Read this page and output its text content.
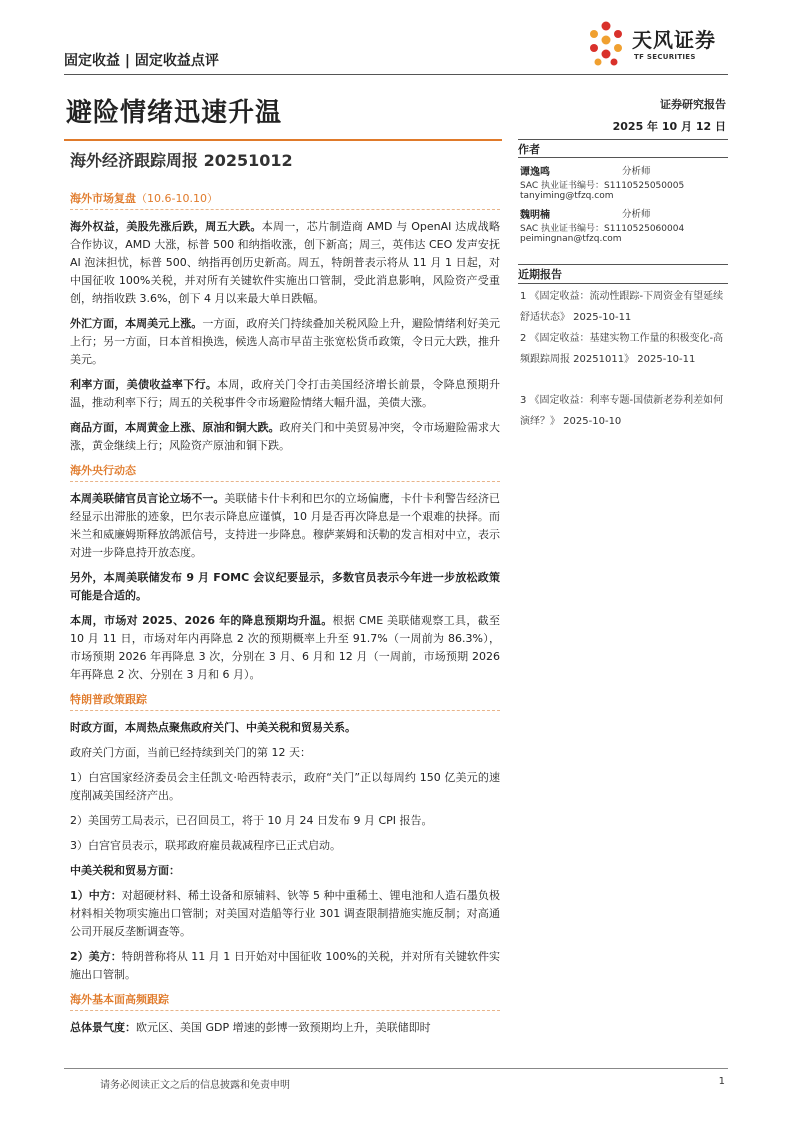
固定收益 | 固定收益点评
天风证券
TF SECURITIES
避险情绪迅速升温
海外经济跟踪周报 20251012
证券研究报告
2025 年 10 月 12 日
作者
谭逸鸣	分析师
SAC 执业证书编号：S1110525050005
tanyiming@tfzq.com
魏明楠	分析师
SAC 执业证书编号：S1110525060004
peimingnan@tfzq.com
近期报告
1 《固定收益：流动性跟踪-下周资金有望延续舒适状态》 2025-10-11
2 《固定收益：基建实物工作量的积极变化-高频跟踪周报 20251011》 2025-10-11
3 《固定收益：利率专题-国债新老券利差如何演绎？》 2025-10-10
海外市场复盘（10.6-10.10）

海外权益，美股先涨后跌，周五大跌。本周一，芯片制造商 AMD 与 OpenAI 达成战略合作协议，AMD 大涨，标普 500 和纳指收涨，创下新高；周三，英伟达 CEO 发声安抚 AI 泡沫担忧，标普 500、纳指再创历史新高。周五，特朗普表示将从 11 月 1 日起，对中国征收 100%关税，并对所有关键软件实施出口管制，受此消息影响，风险资产受重创，纳指收跌 3.6%，创下 4 月以来最大单日跌幅。

外汇方面，本周美元上涨。一方面，政府关门持续叠加关税风险上升，避险情绪利好美元上行；另一方面，日本首相换选，候选人高市早苗主张宽松货币政策，令日元大跌，推升美元。

利率方面，美债收益率下行。本周，政府关门令打击美国经济增长前景，令降息预期升温，推动利率下行；周五的关税事件令市场避险情绪大幅升温，美债大涨。

商品方面，本周黄金上涨、原油和铜大跌。政府关门和中美贸易冲突，令市场避险需求大涨，黄金继续上行；风险资产原油和铜下跌。

海外央行动态

本周美联储官员言论立场不一。美联储卡什卡利和巴尔的立场偏鹰，卡什卡利警告经济已经显示出滞胀的迹象，巴尔表示降息应谨慎，10 月是否再次降息是一个艰难的抉择。而米兰和威廉姆斯释放鸽派信号，支持进一步降息。穆萨莱姆和沃勒的发言相对中立，表示对进一步降息持开放态度。

另外，本周美联储发布 9 月 FOMC 会议纪要显示，多数官员表示今年进一步放松政策可能是合适的。

本周，市场对 2025、2026 年的降息预期均升温。根据 CME 美联储观察工具，截至 10 月 11 日，市场对年内再降息 2 次的预期概率上升至 91.7%（一周前为 86.3%），市场预期 2026 年再降息 3 次，分别在 3 月、6 月和 12 月（一周前，市场预期 2026 年再降息 2 次、分别在 3 月和 6 月）。

特朗普政策跟踪

时政方面，本周热点聚焦政府关门、中美关税和贸易关系。

政府关门方面，当前已经持续到关门的第 12 天：

1）白宫国家经济委员会主任凯文·哈西特表示，政府“关门”正以每周约 150 亿美元的速度削减美国经济产出。

2）美国劳工局表示，已召回员工，将于 10 月 24 日发布 9 月 CPI 报告。

3）白宫官员表示，联邦政府雇员裁减程序已正式启动。

中美关税和贸易方面：

1）中方：对超硬材料、稀土设备和原辅料、钬等 5 种中重稀土、锂电池和人造石墨负极材料相关物项实施出口管制；对美国对造船等行业 301 调查限制措施实施反制；对高通公司开展反垄断调查等。

2）美方：特朗普称将从 11 月 1 日开始对中国征收 100%的关税，并对所有关键软件实施出口管制。

海外基本面高频跟踪

总体景气度：欧元区、美国 GDP 增速的彭博一致预期均上升，美联储即时

请务必阅读正文之后的信息披露和免责申明	1
